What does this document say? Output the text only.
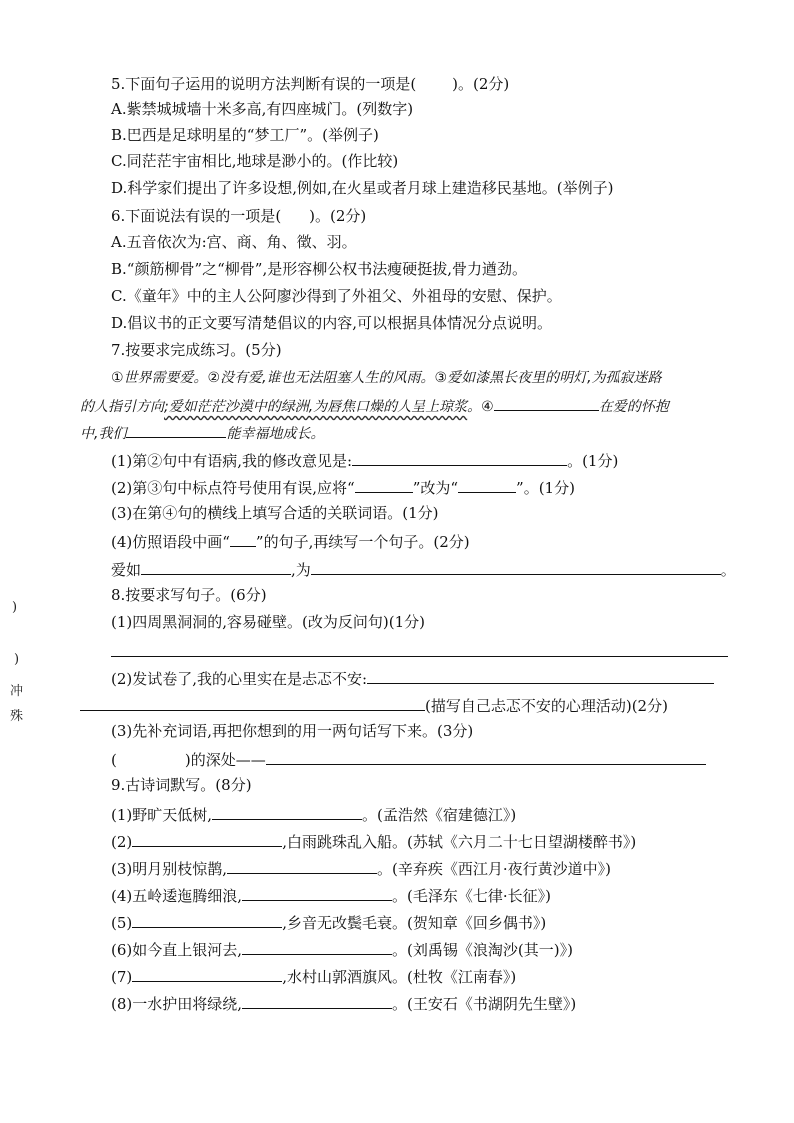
5.下面句子运用的说明方法判断有误的一项是( )。(2分)
A.紫禁城城墙十米多高,有四座城门。(列数字)
B.巴西是足球明星的“梦工厂”。(举例子)
C.同茫茫宇宙相比,地球是渺小的。(作比较)
D.科学家们提出了许多设想,例如,在火星或者月球上建造移民基地。(举例子)
6.下面说法有误的一项是( )。(2分)
A.五音依次为:宫、商、角、徵、羽。
B.“颜筋柳骨”之“柳骨”,是形容柳公权书法瘦硬挺拔,骨力遒劲。
C.《童年》中的主人公阿廖沙得到了外祖父、外祖母的安慰、保护。
D.倡议书的正文要写清楚倡议的内容,可以根据具体情况分点说明。
7.按要求完成练习。(5分)
①世界需要爱。②没有爱,谁也无法阻塞人生的风雨。③爱如漆黑长夜里的明灯,为孤寂迷路
的人指引方向;爱如茫茫沙漠中的绿洲,为唇焦口燥的人呈上琼浆。④	在爱的怀抱
中,我们	能幸福地成长。
(1)第②句中有语病,我的修改意见是:	。(1分)
(2)第③句中标点符号使用有误,应将“	”改为“	”。(1分)
(3)在第④句的横线上填写合适的关联词语。(1分)
(4)仿照语段中画“ ”的句子,再续写一个句子。(2分)
爱如	,为	。
8.按要求写句子。(6分)
(1)四周黑洞洞的,容易碰壁。(改为反问句)(1分)
(2)发试卷了,我的心里实在是忐忑不安:
(描写自己忐忑不安的心理活动)(2分)
(3)先补充词语,再把你想到的用一两句话写下来。(3分)
(	)的深处——
9.古诗词默写。(8分)
(1)野旷天低树,	。(孟浩然《宿建德江》)
(2)	,白雨跳珠乱入船。(苏轼《六月二十七日望湖楼醉书》)
(3)明月别枝惊鹊,	。(辛弃疾《西江月·夜行黄沙道中》)
(4)五岭逶迤腾细浪,	。(毛泽东《七律·长征》)
(5)	,乡音无改鬓毛衰。(贺知章《回乡偶书》)
(6)如今直上银河去,	。(刘禹锡《浪淘沙(其一)》)
(7)	,水村山郭酒旗风。(杜牧《江南春》)
(8)一水护田将绿绕,	。(王安石《书湖阴先生壁》)
)
)
冲
殊
